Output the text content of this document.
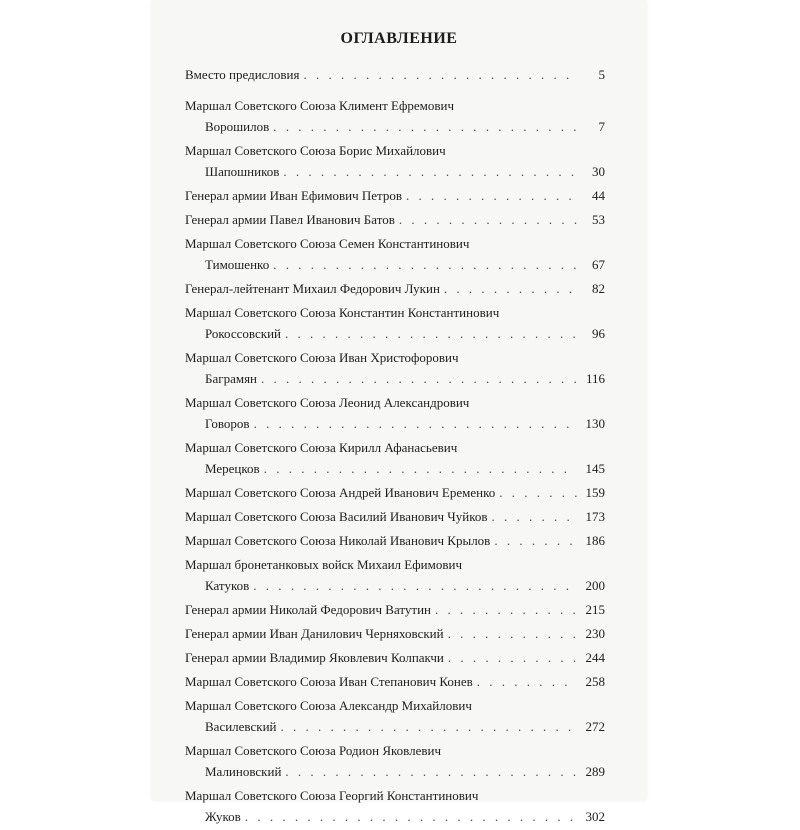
ОГЛАВЛЕНИЕ
Вместо предисловия . . .	5
Маршал Советского Союза Климент Ефремович
Ворошилов . . .	7
Маршал Советского Союза Борис Михайлович
Шапошников . . .	30
Генерал армии Иван Ефимович Петров . . .	44
Генерал армии Павел Иванович Батов . . .	53
Маршал Советского Союза Семен Константинович
Тимошенко . . .	67
Генерал-лейтенант Михаил Федорович Лукин . . .	82
Маршал Советского Союза Константин Константинович
Рокоссовский . . .	96
Маршал Советского Союза Иван Христофорович
Баграмян . . .	116
Маршал Советского Союза Леонид Александрович
Говоров . . .	130
Маршал Советского Союза Кирилл Афанасьевич
Мерецков . . .	145
Маршал Советского Союза Андрей Иванович Еременко . . .	159
Маршал Советского Союза Василий Иванович Чуйков . . .	173
Маршал Советского Союза Николай Иванович Крылов . . .	186
Маршал бронетанковых войск Михаил Ефимович
Катуков . . .	200
Генерал армии Николай Федорович Ватутин . . .	215
Генерал армии Иван Данилович Черняховский . . .	230
Генерал армии Владимир Яковлевич Колпакчи . . .	244
Маршал Советского Союза Иван Степанович Конев . . .	258
Маршал Советского Союза Александр Михайлович
Василевский . . .	272
Маршал Советского Союза Родион Яковлевич
Малиновский . . .	289
Маршал Советского Союза Георгий Константинович
Жуков . . .	302
